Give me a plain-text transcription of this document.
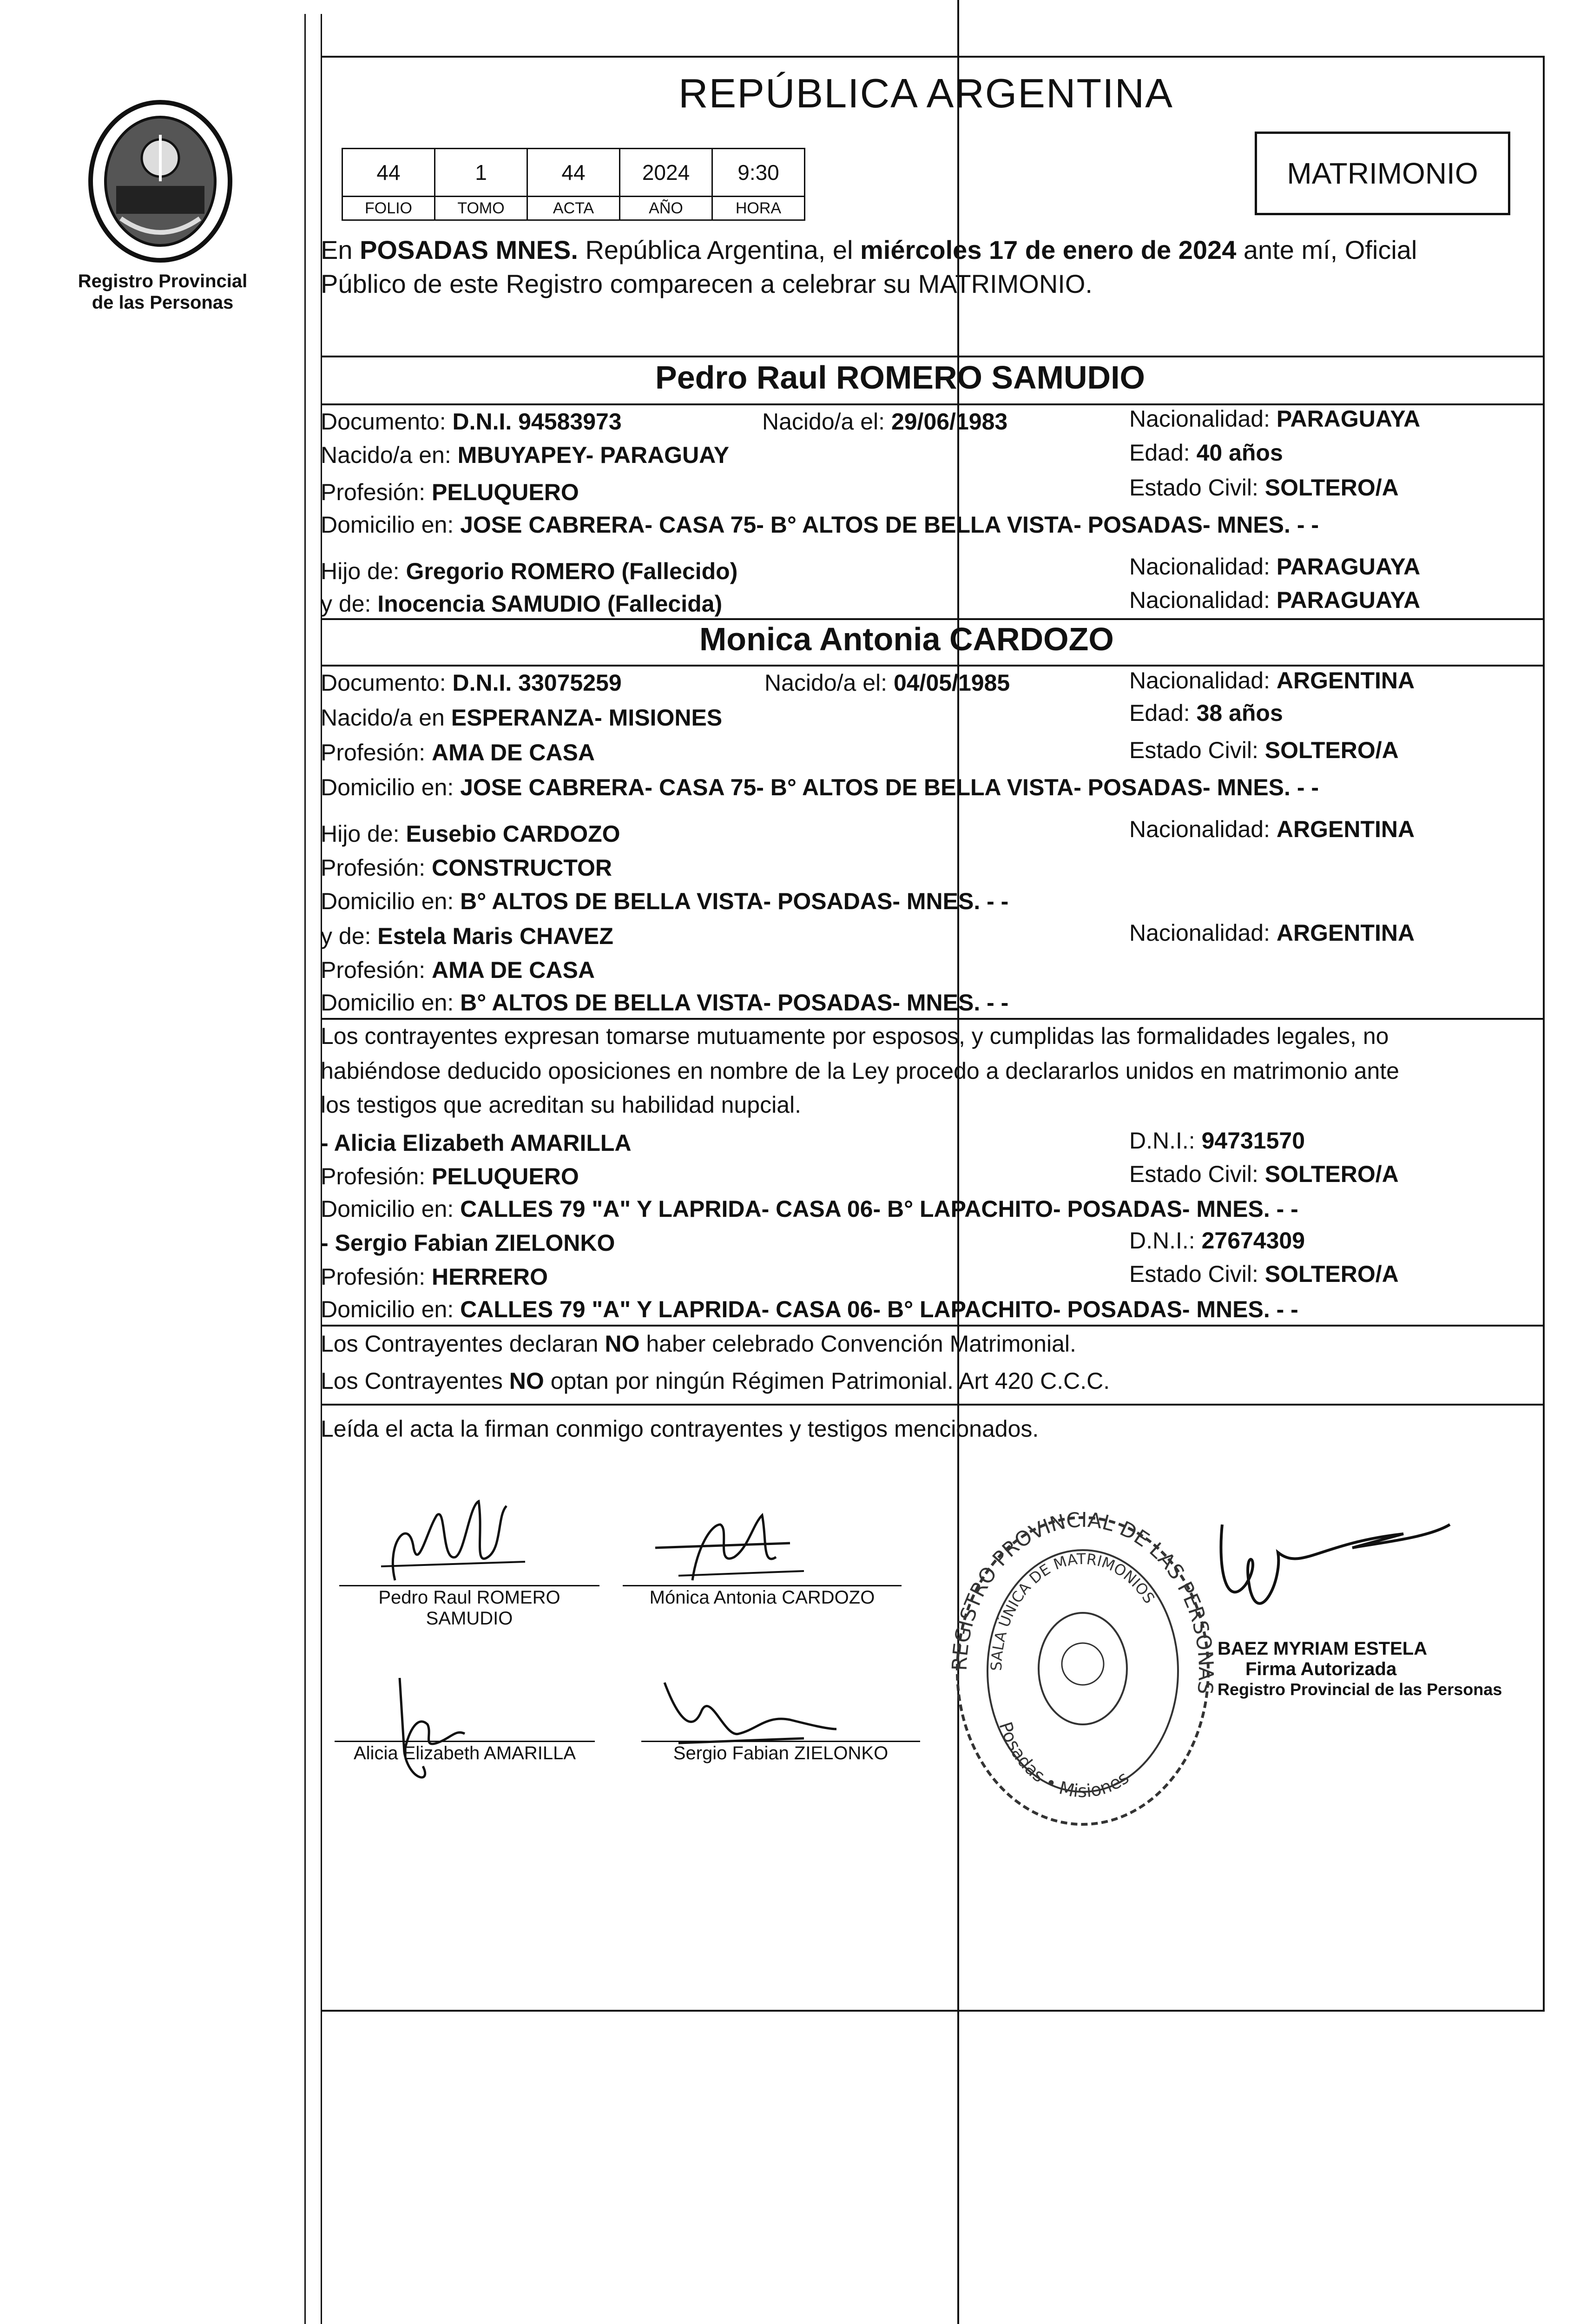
Registro Provincial
de las Personas
REPÚBLICA ARGENTINA
44	1	44	2024	9:30
FOLIO	TOMO	ACTA	AÑO	HORA
MATRIMONIO
En POSADAS MNES. República Argentina, el miércoles 17 de enero de 2024 ante mí, Oficial
Público de este Registro comparecen a celebrar su MATRIMONIO.
Pedro Raul ROMERO SAMUDIO
Documento: D.N.I. 94583973	Nacido/a el: 29/06/1983	Nacionalidad: PARAGUAYA
Nacido/a en: MBUYAPEY- PARAGUAY	Edad: 40 años
Profesión: PELUQUERO	Estado Civil: SOLTERO/A
Domicilio en: JOSE CABRERA- CASA 75- B° ALTOS DE BELLA VISTA- POSADAS- MNES. - -
Hijo de: Gregorio ROMERO (Fallecido)	Nacionalidad: PARAGUAYA
y de: Inocencia SAMUDIO (Fallecida)	Nacionalidad: PARAGUAYA
Monica Antonia CARDOZO
Documento: D.N.I. 33075259	Nacido/a el: 04/05/1985	Nacionalidad: ARGENTINA
Nacido/a en ESPERANZA- MISIONES	Edad: 38 años
Profesión: AMA DE CASA	Estado Civil: SOLTERO/A
Domicilio en: JOSE CABRERA- CASA 75- B° ALTOS DE BELLA VISTA- POSADAS- MNES. - -
Hijo de: Eusebio CARDOZO	Nacionalidad: ARGENTINA
Profesión: CONSTRUCTOR
Domicilio en: B° ALTOS DE BELLA VISTA- POSADAS- MNES. - -
y de: Estela Maris CHAVEZ	Nacionalidad: ARGENTINA
Profesión: AMA DE CASA
Domicilio en: B° ALTOS DE BELLA VISTA- POSADAS- MNES. - -
Los contrayentes expresan tomarse mutuamente por esposos, y cumplidas las formalidades legales, no
habiéndose deducido oposiciones en nombre de la Ley procedo a declararlos unidos en matrimonio ante
los testigos que acreditan su habilidad nupcial.
- Alicia Elizabeth AMARILLA	D.N.I.: 94731570
Profesión: PELUQUERO	Estado Civil: SOLTERO/A
Domicilio en: CALLES 79 "A" Y LAPRIDA- CASA 06- B° LAPACHITO- POSADAS- MNES. - -
- Sergio Fabian ZIELONKO	D.N.I.: 27674309
Profesión: HERRERO	Estado Civil: SOLTERO/A
Domicilio en: CALLES 79 "A" Y LAPRIDA- CASA 06- B° LAPACHITO- POSADAS- MNES. - -
Los Contrayentes declaran NO haber celebrado Convención Matrimonial.
Los Contrayentes NO optan por ningún Régimen Patrimonial. Art 420 C.C.C.
Leída el acta la firman conmigo contrayentes y testigos mencionados.
Pedro Raul ROMERO
SAMUDIO
Mónica Antonia CARDOZO
Alicia Elizabeth AMARILLA	Sergio Fabian ZIELONKO
REGISTRO PROVINCIAL DE LAS PERSONAS
SALA ÚNICA DE MATRIMONIOS
Posadas • Misiones
BAEZ MYRIAM ESTELA
Firma Autorizada
Registro Provincial de las Personas
